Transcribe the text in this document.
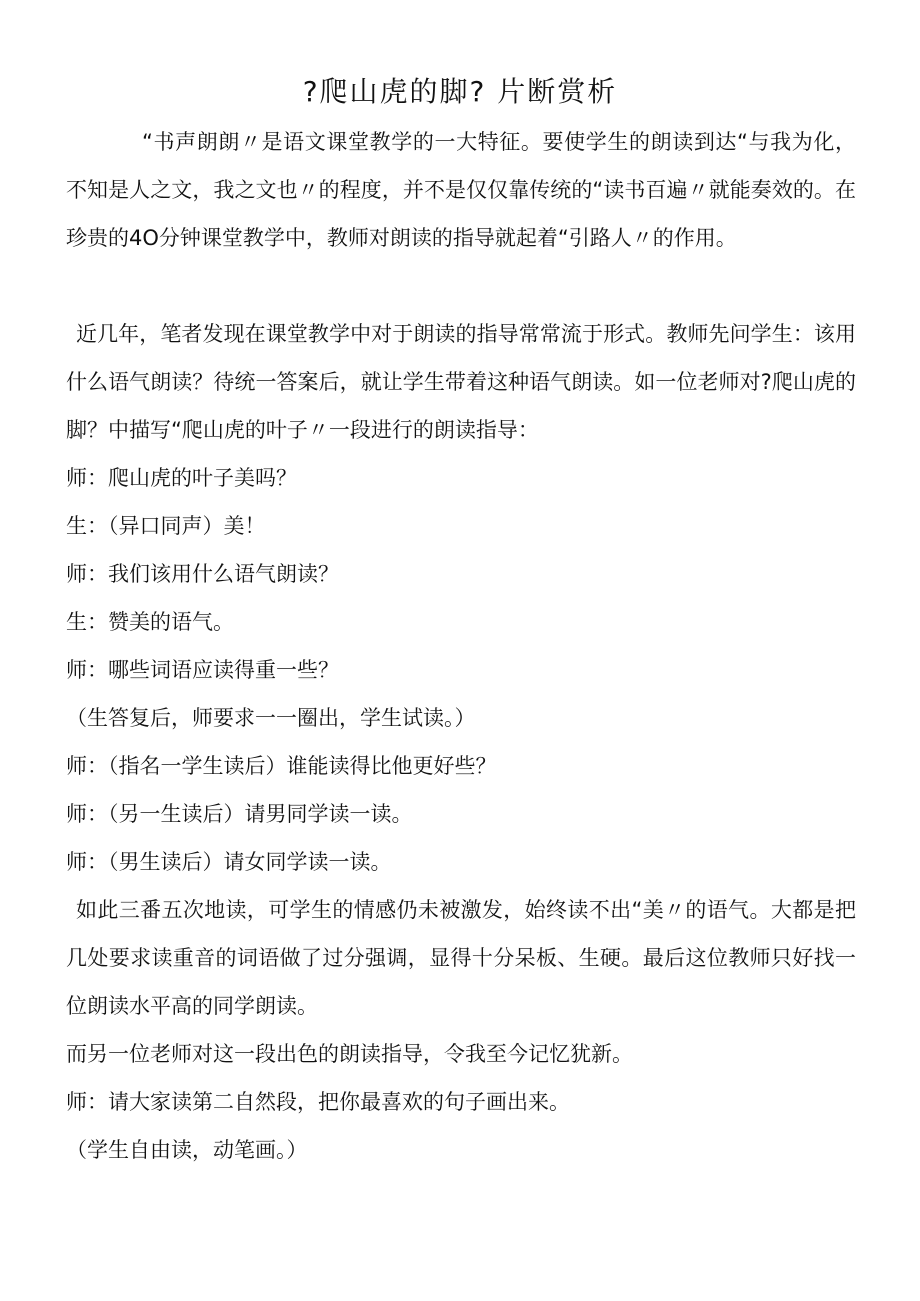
?爬山虎的脚? 片断赏析

“书声朗朗〃是语文课堂教学的一大特征。要使学生的朗读到达“与我为化，不知是人之文，我之文也〃的程度，并不是仅仅靠传统的“读书百遍〃就能奏效的。在珍贵的4O分钟课堂教学中，教师对朗读的指导就起着“引路人〃的作用。

近几年，笔者发现在课堂教学中对于朗读的指导常常流于形式。教师先问学生：该用什么语气朗读？待统一答案后，就让学生带着这种语气朗读。如一位老师对?爬山虎的脚？中描写“爬山虎的叶子〃一段进行的朗读指导：

师：爬山虎的叶子美吗？

生：（异口同声）美！

师：我们该用什么语气朗读？

生：赞美的语气。

师：哪些词语应读得重一些？

（生答复后，师要求一一圈出，学生试读。）

师：（指名一学生读后）谁能读得比他更好些？

师：（另一生读后）请男同学读一读。

师：（男生读后）请女同学读一读。

如此三番五次地读，可学生的情感仍未被激发，始终读不出“美〃的语气。大都是把几处要求读重音的词语做了过分强调，显得十分呆板、生硬。最后这位教师只好找一位朗读水平高的同学朗读。

而另一位老师对这一段出色的朗读指导，令我至今记忆犹新。

师：请大家读第二自然段，把你最喜欢的句子画出来。

（学生自由读，动笔画。）
